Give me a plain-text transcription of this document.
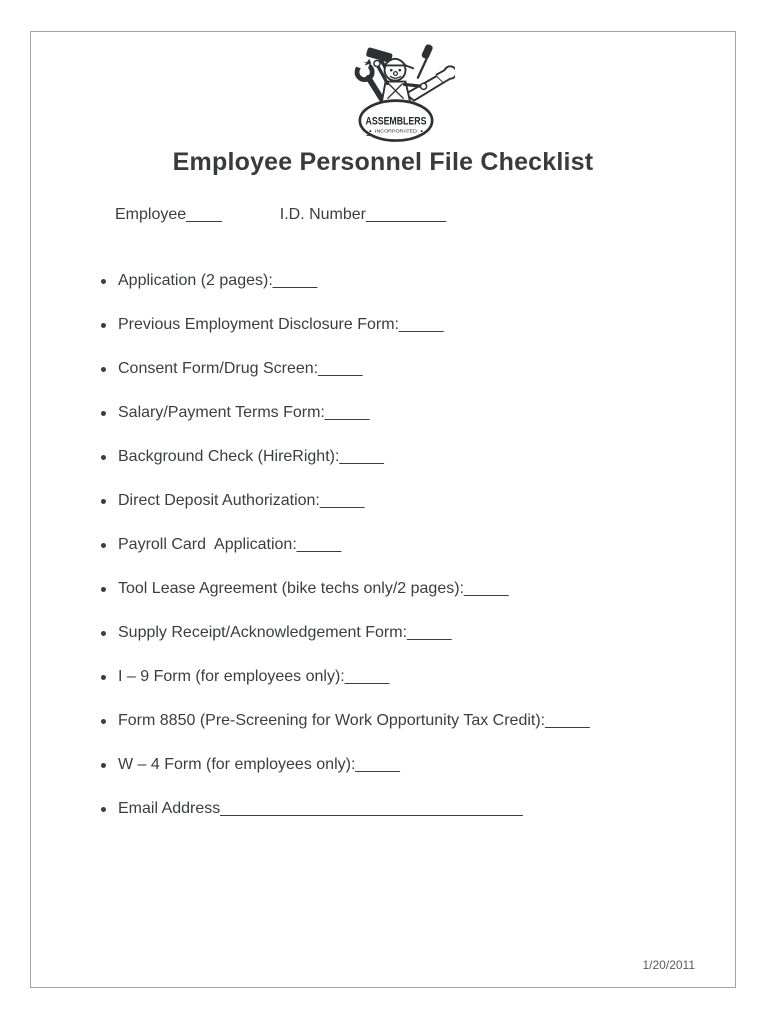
ASSEMBLERS
INCORPORATED
Employee Personnel File Checklist
Employee____	I.D. Number_________
Application (2 pages):_____
Previous Employment Disclosure Form:_____
Consent Form/Drug Screen:_____
Salary/Payment Terms Form:_____
Background Check (HireRight):_____
Direct Deposit Authorization:_____
Payroll Card  Application:_____
Tool Lease Agreement (bike techs only/2 pages):_____
Supply Receipt/Acknowledgement Form:_____
I – 9 Form (for employees only):_____
Form 8850 (Pre-Screening for Work Opportunity Tax Credit):_____
W – 4 Form (for employees only):_____
Email Address__________________________________
1/20/2011
